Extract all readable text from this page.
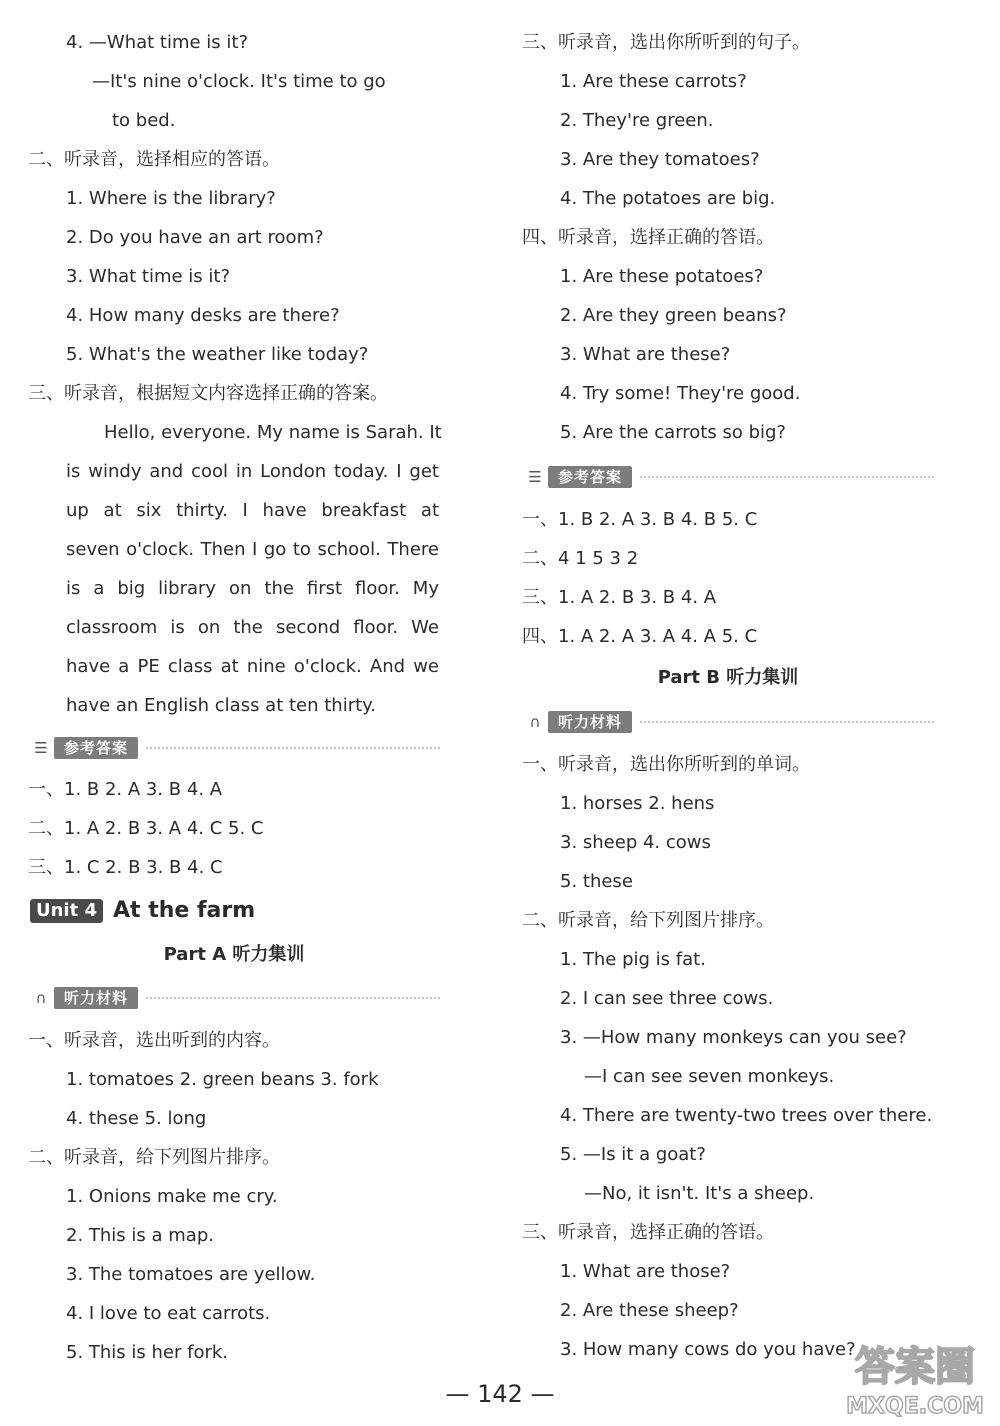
4. —What time is it?
—It's nine o'clock. It's time to go
to bed.
二、听录音，选择相应的答语。
1. Where is the library?
2. Do you have an art room?
3. What time is it?
4. How many desks are there?
5. What's the weather like today?
三、听录音，根据短文内容选择正确的答案。
Hello, everyone. My name is Sarah. It
is windy and cool in London today. I get
up at six thirty. I have breakfast at
seven o'clock. Then I go to school. There
is a big library on the first floor. My
classroom is on the second floor. We
have a PE class at nine o'clock. And we
have an English class at ten thirty.
☰	参考答案
一、1. B 2. A 3. B 4. A
二、1. A 2. B 3. A 4. C 5. C
三、1. C 2. B 3. B 4. C
Unit 4 At the farm
Part A 听力集训
∩	听力材料
一、听录音，选出听到的内容。
1. tomatoes 2. green beans 3. fork
4. these 5. long
二、听录音，给下列图片排序。
1. Onions make me cry.
2. This is a map.
3. The tomatoes are yellow.
4. I love to eat carrots.
5. This is her fork.
三、听录音，选出你所听到的句子。
1. Are these carrots?
2. They're green.
3. Are they tomatoes?
4. The potatoes are big.
四、听录音，选择正确的答语。
1. Are these potatoes?
2. Are they green beans?
3. What are these?
4. Try some! They're good.
5. Are the carrots so big?
☰	参考答案
一、1. B 2. A 3. B 4. B 5. C
二、4 1 5 3 2
三、1. A 2. B 3. B 4. A
四、1. A 2. A 3. A 4. A 5. C
Part B 听力集训
∩	听力材料
一、听录音，选出你所听到的单词。
1. horses 2. hens
3. sheep 4. cows
5. these
二、听录音，给下列图片排序。
1. The pig is fat.
2. I can see three cows.
3. —How many monkeys can you see?
—I can see seven monkeys.
4. There are twenty-two trees over there.
5. —Is it a goat?
—No, it isn't. It's a sheep.
三、听录音，选择正确的答语。
1. What are those?
2. Are these sheep?
3. How many cows do you have?
— 142 —
答案圈
MXQE.COM
